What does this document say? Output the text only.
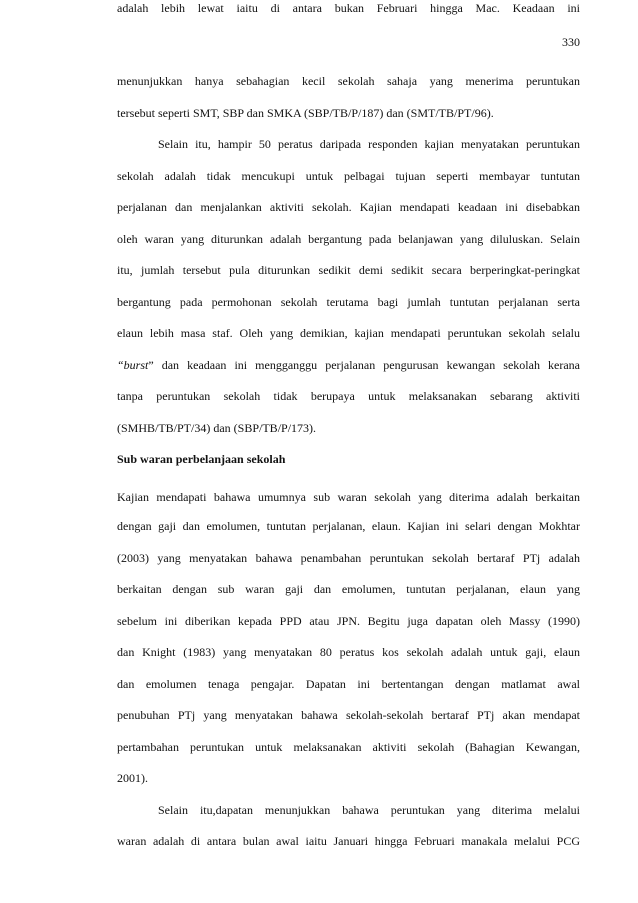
330
menunjukkan hanya sebahagian kecil sekolah sahaja yang menerima peruntukan
tersebut seperti SMT, SBP dan SMKA (SBP/TB/P/187) dan (SMT/TB/PT/96).
Selain itu, hampir 50 peratus daripada responden kajian menyatakan peruntukan
sekolah adalah tidak mencukupi untuk pelbagai tujuan seperti membayar tuntutan
perjalanan dan menjalankan aktiviti sekolah. Kajian mendapati keadaan ini disebabkan
oleh waran yang diturunkan adalah bergantung pada belanjawan yang diluluskan. Selain
itu, jumlah tersebut pula diturunkan sedikit demi sedikit secara berperingkat-peringkat
bergantung pada permohonan sekolah terutama bagi jumlah tuntutan perjalanan serta
elaun lebih masa staf. Oleh yang demikian, kajian mendapati peruntukan sekolah selalu
“burst” dan keadaan ini mengganggu perjalanan pengurusan kewangan sekolah kerana
tanpa peruntukan sekolah tidak berupaya untuk melaksanakan sebarang aktiviti
(SMHB/TB/PT/34) dan (SBP/TB/P/173).
Sub waran perbelanjaan sekolah
Kajian mendapati bahawa umumnya sub waran sekolah yang diterima adalah berkaitan
dengan gaji dan emolumen, tuntutan perjalanan, elaun. Kajian ini selari dengan Mokhtar
(2003) yang menyatakan bahawa penambahan peruntukan sekolah bertaraf PTj adalah
berkaitan dengan sub waran gaji dan emolumen, tuntutan perjalanan, elaun yang
sebelum ini diberikan kepada PPD atau JPN. Begitu juga dapatan oleh Massy (1990)
dan Knight (1983) yang menyatakan 80 peratus kos sekolah adalah untuk gaji, elaun
dan emolumen tenaga pengajar. Dapatan ini bertentangan dengan matlamat awal
penubuhan PTj yang menyatakan bahawa sekolah-sekolah bertaraf PTj akan mendapat
pertambahan peruntukan untuk melaksanakan aktiviti sekolah (Bahagian Kewangan,
2001).
Selain itu,dapatan menunjukkan bahawa peruntukan yang diterima melalui
waran adalah di antara bulan awal iaitu Januari hingga Februari manakala melalui PCG
adalah lebih lewat iaitu di antara bukan Februari hingga Mac. Keadaan ini
